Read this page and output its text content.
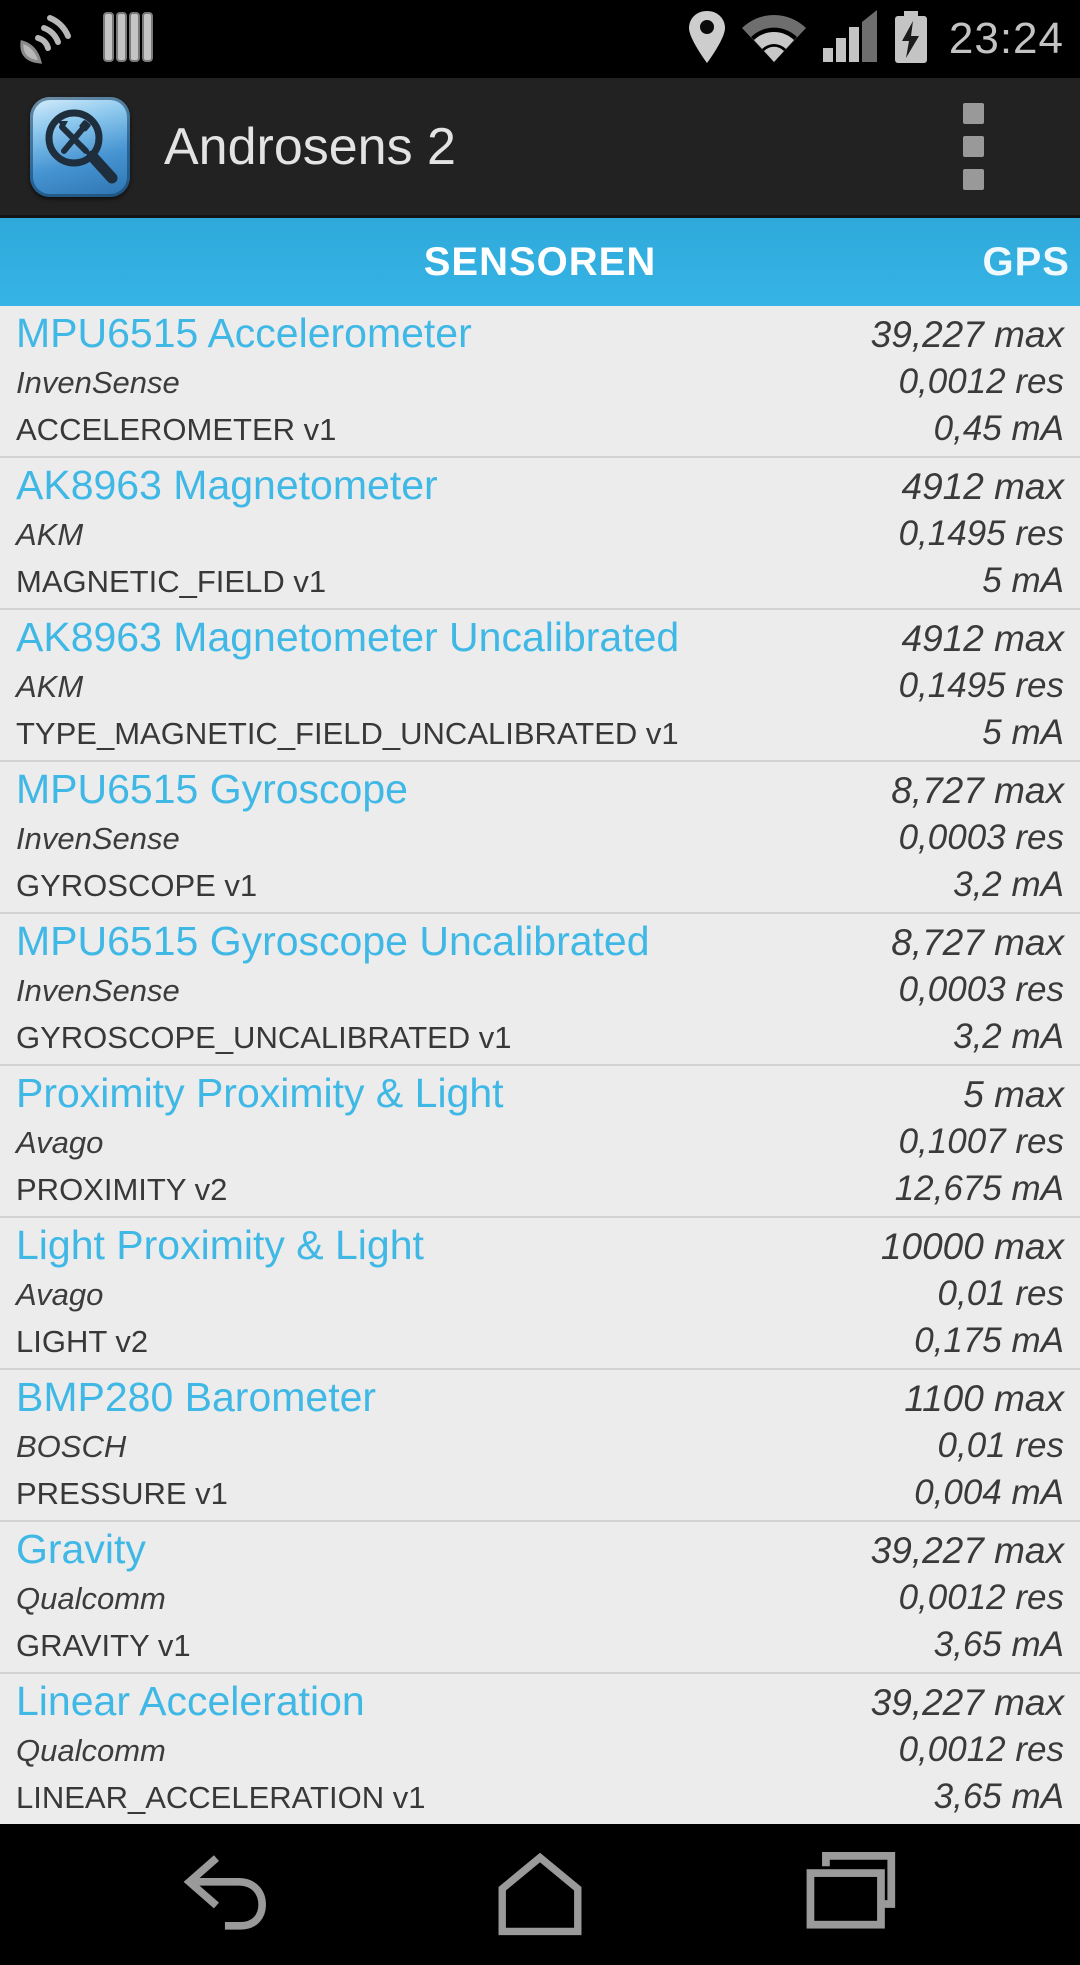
23:24
Androsens 2
SENSOREN	GPS
MPU6515 Accelerometer	39,227 max
InvenSense	0,0012 res
ACCELEROMETER v1	0,45 mA
AK8963 Magnetometer	4912 max
AKM	0,1495 res
MAGNETIC_FIELD v1	5 mA
AK8963 Magnetometer Uncalibrated	4912 max
AKM	0,1495 res
TYPE_MAGNETIC_FIELD_UNCALIBRATED v1	5 mA
MPU6515 Gyroscope	8,727 max
InvenSense	0,0003 res
GYROSCOPE v1	3,2 mA
MPU6515 Gyroscope Uncalibrated	8,727 max
InvenSense	0,0003 res
GYROSCOPE_UNCALIBRATED v1	3,2 mA
Proximity Proximity & Light	5 max
Avago	0,1007 res
PROXIMITY v2	12,675 mA
Light Proximity & Light	10000 max
Avago	0,01 res
LIGHT v2	0,175 mA
BMP280 Barometer	1100 max
BOSCH	0,01 res
PRESSURE v1	0,004 mA
Gravity	39,227 max
Qualcomm	0,0012 res
GRAVITY v1	3,65 mA
Linear Acceleration	39,227 max
Qualcomm	0,0012 res
LINEAR_ACCELERATION v1	3,65 mA
